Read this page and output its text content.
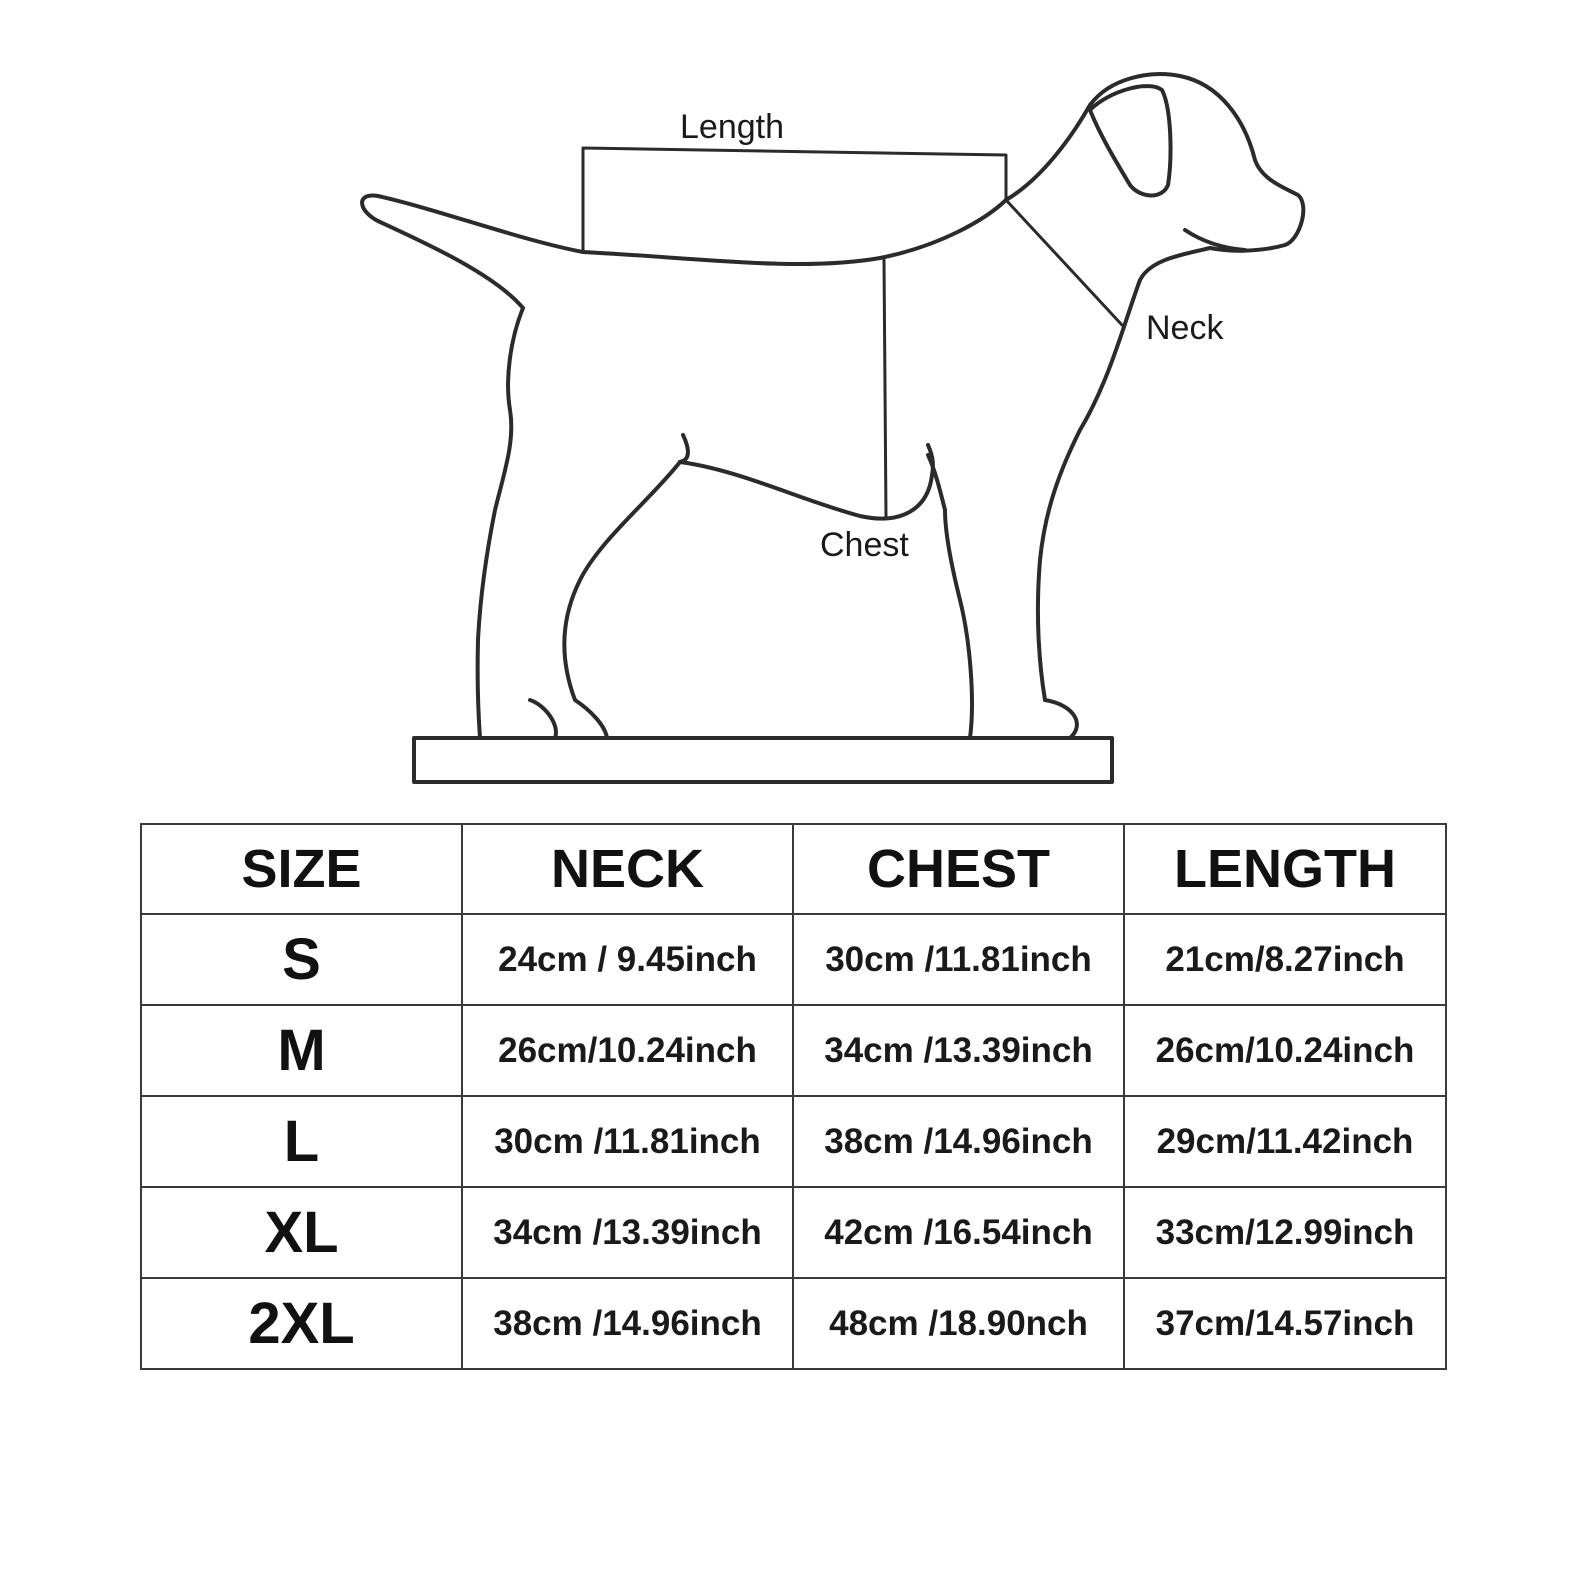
Length
Neck
Chest
SIZE	NECK	CHEST	LENGTH
S	24cm / 9.45inch	30cm /11.81inch	21cm/8.27inch
M	26cm/10.24inch	34cm /13.39inch	26cm/10.24inch
L	30cm /11.81inch	38cm /14.96inch	29cm/11.42inch
XL	34cm /13.39inch	42cm /16.54inch	33cm/12.99inch
2XL	38cm /14.96inch	48cm /18.90nch	37cm/14.57inch
